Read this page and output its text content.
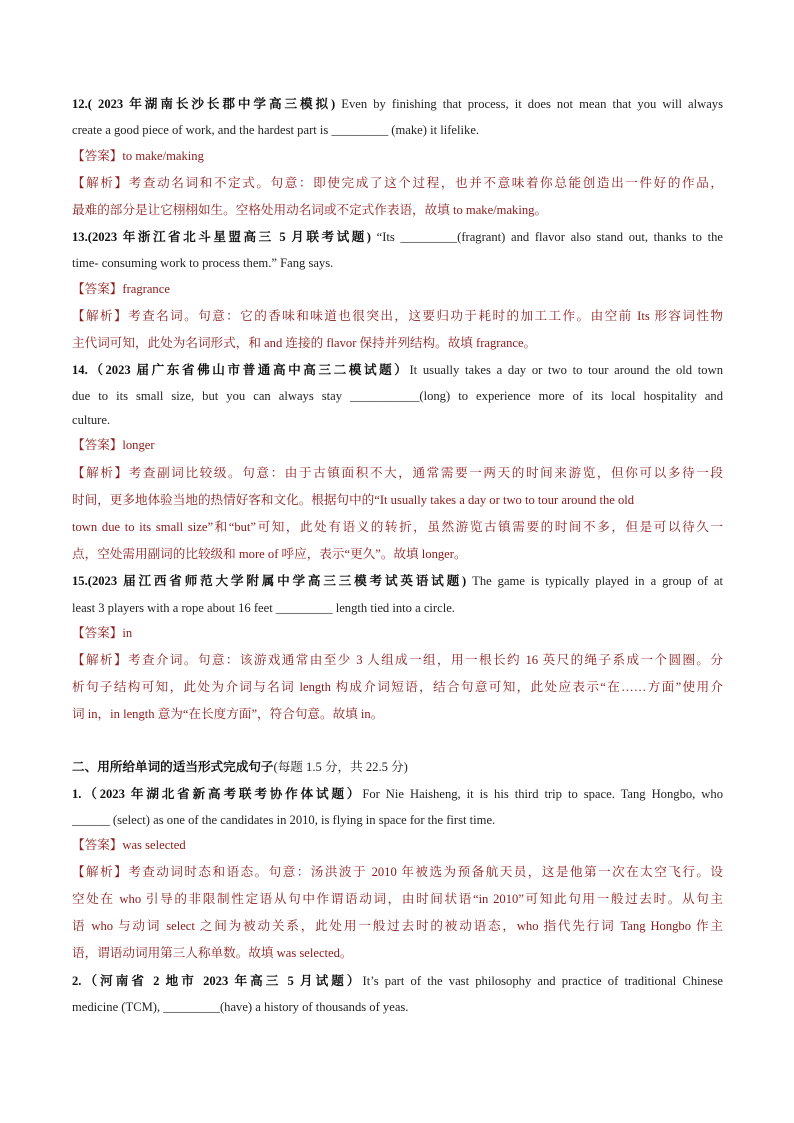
12.( 2023 年湖南长沙长郡中学高三模拟) Even by finishing that process, it does not mean that you will always
create a good piece of work, and the hardest part is _________ (make) it lifelike.
【答案】to make/making
【解析】考查动名词和不定式。句意：即使完成了这个过程，也并不意味着你总能创造出一件好的作品，
最难的部分是让它栩栩如生。空格处用动名词或不定式作表语，故填 to make/making。
13.(2023 年浙江省北斗星盟高三 5 月联考试题) “Its _________(fragrant) and flavor also stand out, thanks to the
time- consuming work to process them.” Fang says.
【答案】fragrance
【解析】考查名词。句意：它的香味和味道也很突出，这要归功于耗时的加工工作。由空前 Its 形容词性物
主代词可知，此处为名词形式，和 and 连接的 flavor 保持并列结构。故填 fragrance。
14.（2023 届广东省佛山市普通高中高三二模试题）It usually takes a day or two to tour around the old town
due to its small size, but you can always stay ___________(long) to experience more of its local hospitality and
culture.
【答案】longer
【解析】考查副词比较级。句意：由于古镇面积不大，通常需要一两天的时间来游览，但你可以多待一段
时间，更多地体验当地的热情好客和文化。根据句中的“It usually takes a day or two to tour around the old
town due to its small size”和“but”可知，此处有语义的转折，虽然游览古镇需要的时间不多，但是可以待久一
点，空处需用副词的比较级和 more of 呼应，表示“更久”。故填 longer。
15.(2023 届江西省师范大学附属中学高三三模考试英语试题) The game is typically played in a group of at
least 3 players with a rope about 16 feet _________ length tied into a circle.
【答案】in
【解析】考查介词。句意：该游戏通常由至少 3 人组成一组，用一根长约 16 英尺的绳子系成一个圆圈。分
析句子结构可知，此处为介词与名词 length 构成介词短语，结合句意可知，此处应表示“在……方面”使用介
词 in，in length 意为“在长度方面”，符合句意。故填 in。
二、用所给单词的适当形式完成句子(每题 1.5 分，共 22.5 分)
1.（2023 年湖北省新高考联考协作体试题）For Nie Haisheng, it is his third trip to space. Tang Hongbo, who
______ (select) as one of the candidates in 2010, is flying in space for the first time.
【答案】was selected
【解析】考查动词时态和语态。句意：汤洪波于 2010 年被选为预备航天员，这是他第一次在太空飞行。设
空处在 who 引导的非限制性定语从句中作谓语动词，由时间状语“in 2010”可知此句用一般过去时。从句主
语 who 与动词 select 之间为被动关系，此处用一般过去时的被动语态，who 指代先行词 Tang Hongbo 作主
语，谓语动词用第三人称单数。故填 was selected。
2.（河南省 2 地市 2023 年高三 5 月试题）It’s part of the vast philosophy and practice of traditional Chinese
medicine (TCM), _________(have) a history of thousands of yeas.
